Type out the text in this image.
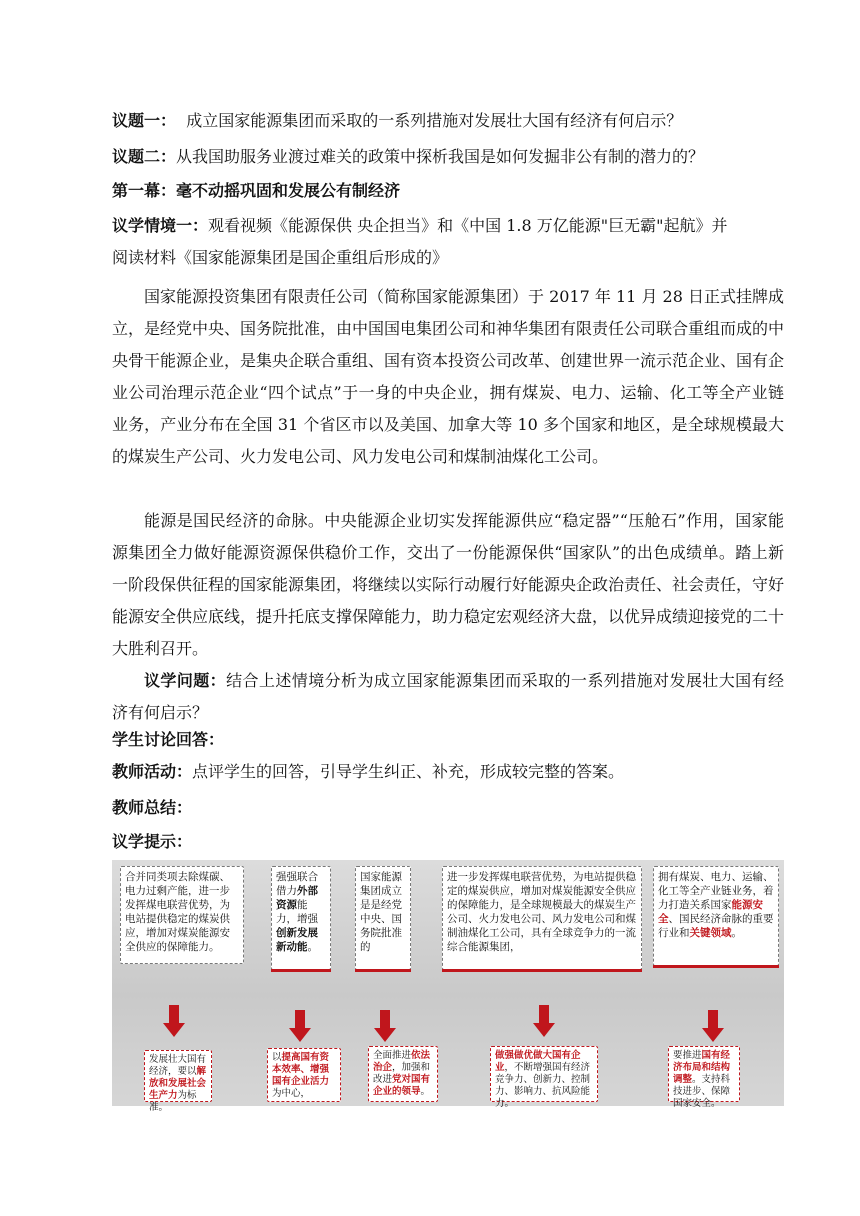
议题一： 成立国家能源集团而采取的一系列措施对发展壮大国有经济有何启示？
议题二：从我国助服务业渡过难关的政策中探析我国是如何发掘非公有制的潜力的？
第一幕：毫不动摇巩固和发展公有制经济
议学情境一：观看视频《能源保供 央企担当》和《中国 1.8 万亿能源"巨无霸"起航》并
阅读材料《国家能源集团是国企重组后形成的》

国家能源投资集团有限责任公司（简称国家能源集团）于 2017 年 11 月 28 日正式挂牌成立，是经党中央、国务院批准，由中国国电集团公司和神华集团有限责任公司联合重组而成的中央骨干能源企业，是集央企联合重组、国有资本投资公司改革、创建世界一流示范企业、国有企业公司治理示范企业“四个试点”于一身的中央企业，拥有煤炭、电力、运输、化工等全产业链业务，产业分布在全国 31 个省区市以及美国、加拿大等 10 多个国家和地区，是全球规模最大的煤炭生产公司、火力发电公司、风力发电公司和煤制油煤化工公司。

能源是国民经济的命脉。中央能源企业切实发挥能源供应“稳定器”“压舱石”作用，国家能源集团全力做好能源资源保供稳价工作，交出了一份能源保供“国家队”的出色成绩单。踏上新一阶段保供征程的国家能源集团，将继续以实际行动履行好能源央企政治责任、社会责任，守好能源安全供应底线，提升托底支撑保障能力，助力稳定宏观经济大盘，以优异成绩迎接党的二十大胜利召开。

议学问题：结合上述情境分析为成立国家能源集团而采取的一系列措施对发展壮大国有经济有何启示？

学生讨论回答：
教师活动：点评学生的回答，引导学生纠正、补充，形成较完整的答案。
教师总结：
议学提示：
合并同类项去除煤碳、电力过剩产能，进一步发挥煤电联营优势，为电站提供稳定的煤炭供应，增加对煤炭能源安全供应的保障能力。
强强联合借力外部资源能力，增强创新发展新动能。
国家能源集团成立是是经党中央、国务院批准的
进一步发挥煤电联营优势，为电站提供稳定的煤炭供应，增加对煤炭能源安全供应的保障能力，是全球规模最大的煤炭生产公司、火力发电公司、风力发电公司和煤制油煤化工公司，具有全球竞争力的一流综合能源集团，
拥有煤炭、电力、运输、化工等全产业链业务，着力打造关系国家能源安全、国民经济命脉的重要行业和关键领域。
发展壮大国有经济，要以解放和发展社会生产力为标准。
以提高国有资本效率、增强国有企业活力为中心，
全面推进依法治企，加强和改进党对国有企业的领导。
做强做优做大国有企业，不断增强国有经济竞争力、创新力、控制力、影响力、抗风险能力。
要推进国有经济布局和结构调整。支持科技进步、保障国家安全。
